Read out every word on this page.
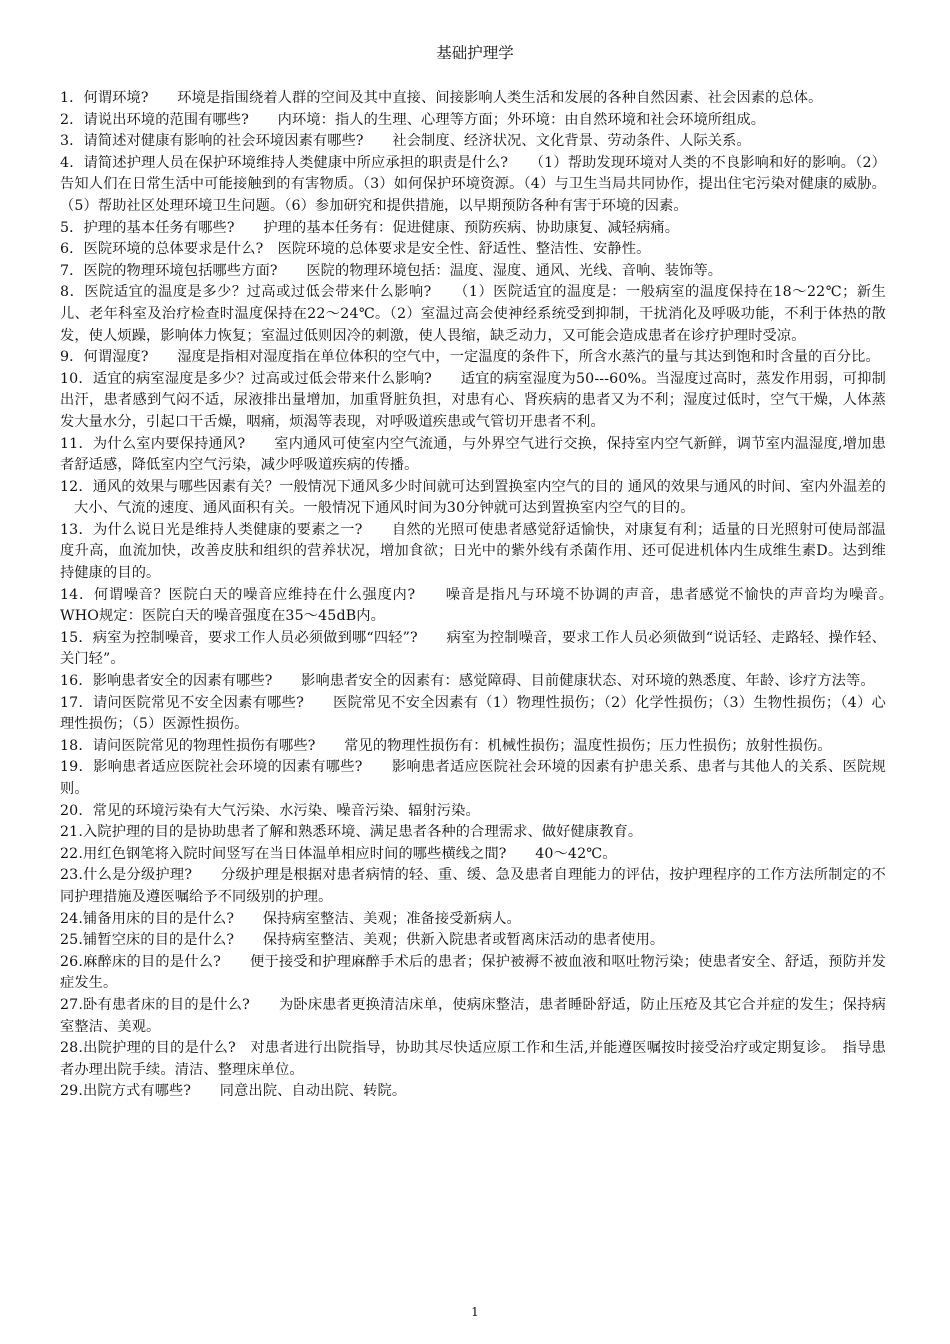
基础护理学

1．何谓环境?　　环境是指围绕着人群的空间及其中直接、间接影响人类生活和发展的各种自然因素、社会因素的总体。

2．请说出环境的范围有哪些?　　内环境：指人的生理、心理等方面；外环境：由自然环境和社会环境所组成。

3．请简述对健康有影响的社会环境因素有哪些?　　社会制度、经济状况、文化背景、劳动条件、人际关系。

4．请简述护理人员在保护环境维持人类健康中所应承担的职责是什么?　　（1）帮助发现环境对人类的不良影响和好的影响。（2）告知人们在日常生活中可能接触到的有害物质。（3）如何保护环境资源。（4）与卫生当局共同协作，提出住宅污染对健康的威胁。（5）帮助社区处理环境卫生问题。（6）参加研究和提供措施，以早期预防各种有害于环境的因素。

5．护理的基本任务有哪些?　　护理的基本任务有：促进健康、预防疾病、协助康复、减轻病痛。

6．医院环境的总体要求是什么?　医院环境的总体要求是安全性、舒适性、整洁性、安静性。

7．医院的物理环境包括哪些方面?　　医院的物理环境包括：温度、湿度、通风、光线、音响、装饰等。

8．医院适宜的温度是多少？过高或过低会带来什么影响?　　（1）医院适宜的温度是：一般病室的温度保持在18～22℃；新生儿、老年科室及治疗检查时温度保持在22～24℃。（2）室温过高会使神经系统受到抑制，干扰消化及呼吸功能，不利于体热的散发，使人烦躁，影响体力恢复；室温过低则因冷的刺激，使人畏缩，缺乏动力，又可能会造成患者在诊疗护理时受凉。

9．何谓湿度?　　湿度是指相对湿度指在单位体积的空气中，一定温度的条件下，所含水蒸汽的量与其达到饱和时含量的百分比。

10．适宜的病室湿度是多少？过高或过低会带来什么影响?　　适宜的病室湿度为50---60%。当湿度过高时，蒸发作用弱，可抑制出汗，患者感到气闷不适，尿液排出量增加，加重肾脏负担，对患有心、肾疾病的患者又为不利；湿度过低时，空气干燥，人体蒸发大量水分，引起口干舌燥，咽痛，烦渴等表现，对呼吸道疾患或气管切开患者不利。

11．为什么室内要保持通风?　　室内通风可使室内空气流通，与外界空气进行交换，保持室内空气新鲜，调节室内温湿度,增加患者舒适感，降低室内空气污染，减少呼吸道疾病的传播。

12．通风的效果与哪些因素有关？一般情况下通风多少时间就可达到置换室内空气的目的 通风的效果与通风的时间、室内外温差的大小、气流的速度、通风面积有关。一般情况下通风时间为30分钟就可达到置换室内空气的目的。

13．为什么说日光是维持人类健康的要素之一?　　自然的光照可使患者感觉舒适愉快，对康复有利；适量的日光照射可使局部温度升高，血流加快，改善皮肤和组织的营养状况，增加食欲；日光中的紫外线有杀菌作用、还可促进机体内生成维生素D。达到维持健康的目的。

14．何谓噪音？医院白天的噪音应维持在什么强度内?　　噪音是指凡与环境不协调的声音，患者感觉不愉快的声音均为噪音。　WHO规定：医院白天的噪音强度在35～45dB内。

15．病室为控制噪音，要求工作人员必须做到哪“四轻”?　　病室为控制噪音，要求工作人员必须做到“说话轻、走路轻、操作轻、关门轻”。

16．影响患者安全的因素有哪些?　　影响患者安全的因素有：感觉障碍、目前健康状态、对环境的熟悉度、年龄、诊疗方法等。

17．请问医院常见不安全因素有哪些?　　医院常见不安全因素有（1）物理性损伤；（2）化学性损伤；（3）生物性损伤；（4）心理性损伤；（5）医源性损伤。

18．请问医院常见的物理性损伤有哪些?　　常见的物理性损伤有：机械性损伤；温度性损伤；压力性损伤；放射性损伤。

19．影响患者适应医院社会环境的因素有哪些?　　影响患者适应医院社会环境的因素有护患关系、患者与其他人的关系、医院规则。

20．常见的环境污染有大气污染、水污染、噪音污染、辐射污染。

21.入院护理的目的是协助患者了解和熟悉环境、满足患者各种的合理需求、做好健康教育。

22.用红色钢笔将入院时间竖写在当日体温单相应时间的哪些横线之間?　　40～42℃。

23.什么是分级护理?　　分级护理是根据对患者病情的轻、重、缓、急及患者自理能力的评估，按护理程序的工作方法所制定的不同护理措施及遵医嘱给予不同级别的护理。

24.铺备用床的目的是什么?　　保持病室整洁、美观；准备接受新病人。

25.铺暂空床的目的是什么?　　保持病室整洁、美观；供新入院患者或暂离床活动的患者使用。

26.麻醉床的目的是什么?　　便于接受和护理麻醉手术后的患者；保护被褥不被血液和呕吐物污染；使患者安全、舒适，预防并发症发生。

27.卧有患者床的目的是什么?　　为卧床患者更换清洁床单，使病床整洁，患者睡卧舒适，防止压疮及其它合并症的发生；保持病室整洁、美观。

28.出院护理的目的是什么?　对患者进行出院指导，协助其尽快适应原工作和生活,并能遵医嘱按时接受治疗或定期复诊。　指导患者办理出院手续。清洁、整理床单位。

29.出院方式有哪些?　　同意出院、自动出院、转院。

1
